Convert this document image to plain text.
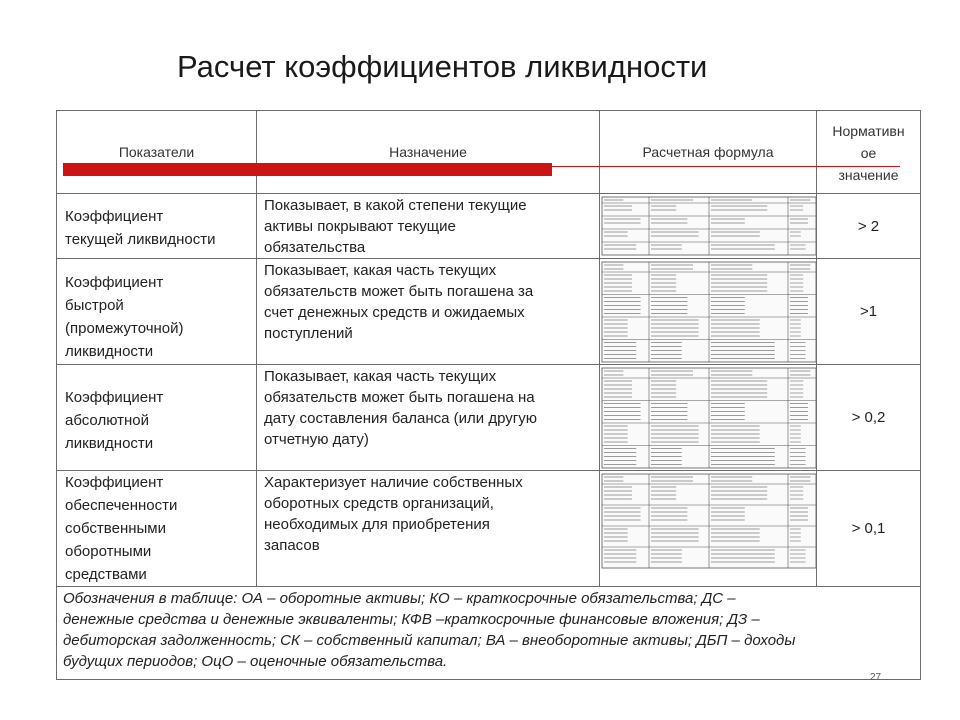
Расчет коэффициентов ликвидности
Показатели	Назначение	Расчетная формула	Нормативн
ое
значение
Коэффициент
текущей ликвидности	Показывает, в какой степени текущие
активы покрывают текущие
обязательства		> 2
Коэффициент
быстрой
(промежуточной)
ликвидности	Показывает, какая часть текущих
обязательств может быть погашена за
счет денежных средств и ожидаемых
поступлений		>1
Коэффициент
абсолютной
ликвидности	Показывает, какая часть текущих
обязательств может быть погашена на
дату составления баланса (или другую
отчетную дату)		> 0,2
Коэффициент
обеспеченности
собственными
оборотными
средствами	Характеризует наличие собственных
оборотных средств организаций,
необходимых для приобретения
запасов		> 0,1
Обозначения в таблице: ОА – оборотные активы; КО – краткосрочные обязательства; ДС –
денежные средства и денежные эквиваленты; КФВ –краткосрочные финансовые вложения; ДЗ –
дебиторская задолженность; СК – собственный капитал; ВА – внеоборотные активы; ДБП – доходы
будущих периодов; ОцО – оценочные обязательства.			
27
